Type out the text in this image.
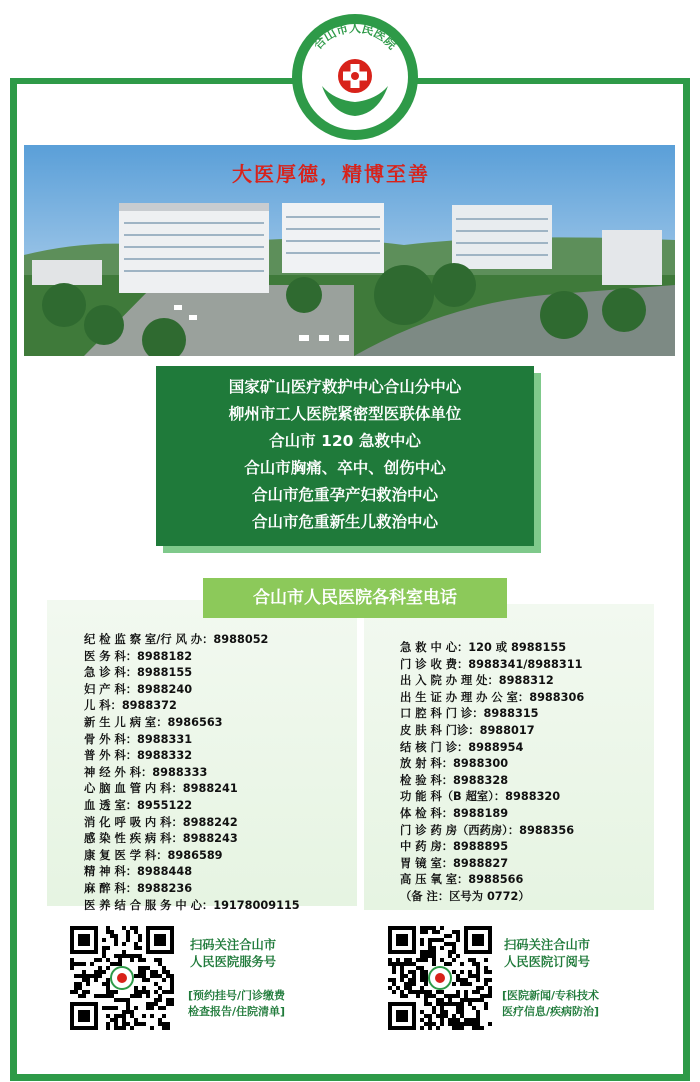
合山市人民医院
大医厚德，精博至善
国家矿山医疗救护中心合山分中心
柳州市工人医院紧密型医联体单位
合山市 120 急救中心
合山市胸痛、卒中、创伤中心
合山市危重孕产妇救治中心
合山市危重新生儿救治中心
合山市人民医院各科室电话
纪 检 监 察 室/行 风 办：8988052
医 务 科：8988182
急 诊 科：8988155
妇 产 科：8988240
儿 科：8988372
新 生 儿 病 室：8986563
骨 外 科：8988331
普 外 科：8988332
神 经 外 科：8988333
心 脑 血 管 内 科：8988241
血 透 室：8955122
消 化 呼 吸 内 科：8988242
感 染 性 疾 病 科：8988243
康 复 医 学 科：8986589
精 神 科：8988448
麻 醉 科：8988236
医 养 结 合 服 务 中 心：19178009115
急 救 中 心：120 或 8988155
门 诊 收 费：8988341/8988311
出 入 院 办 理 处：8988312
出 生 证 办 理 办 公 室：8988306
口 腔 科 门 诊：8988315
皮 肤 科 门诊：8988017
结 核 门 诊：8988954
放 射 科：8988300
检 验 科：8988328
功 能 科（B 超室）：8988320
体 检 科：8988189
门 诊 药 房（西药房）：8988356
中 药 房：8988895
胃 镜 室：8988827
高 压 氧 室：8988566
（备 注：区号为 0772）
扫码关注合山市
人民医院服务号
[预约挂号/门诊缴费
检查报告/住院清单]
扫码关注合山市
人民医院订阅号
[医院新闻/专科技术
医疗信息/疾病防治]
